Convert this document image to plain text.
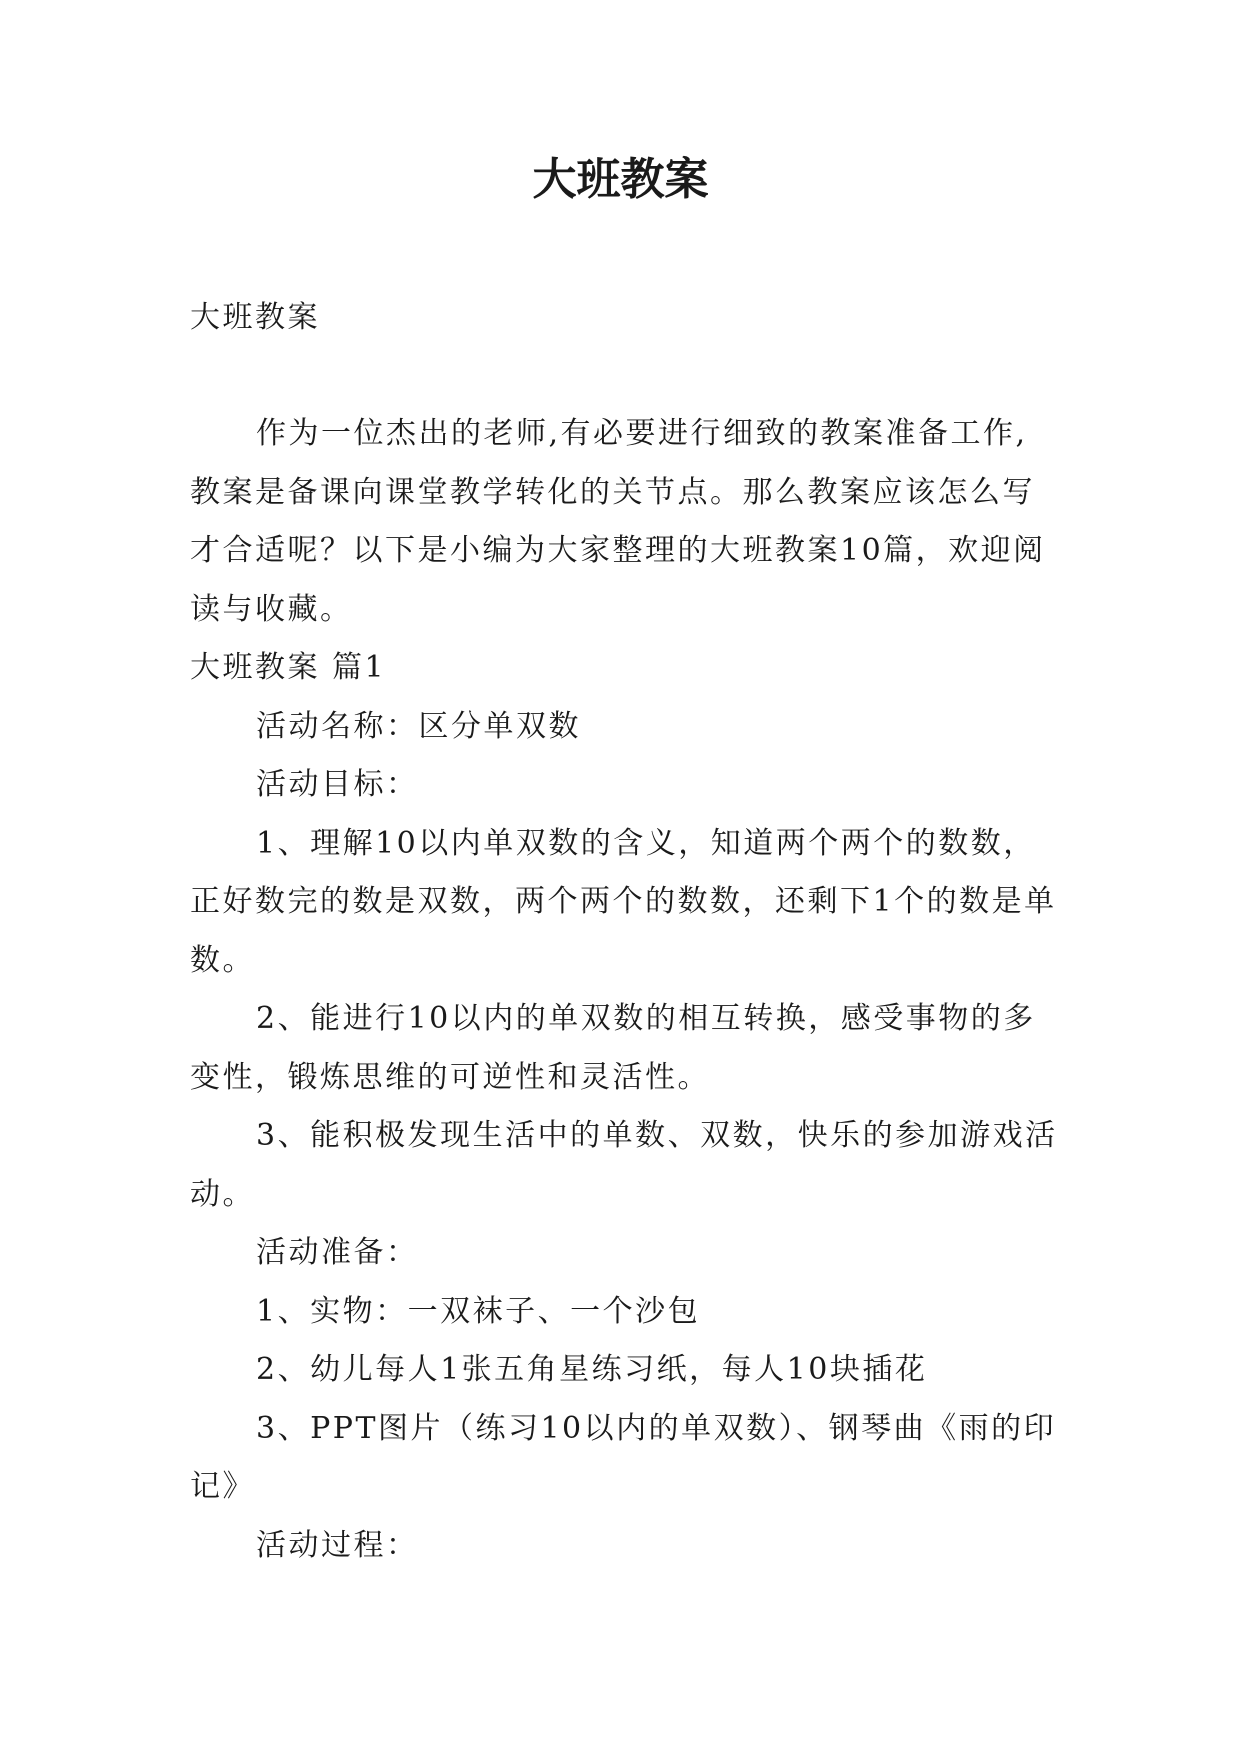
大班教案

大班教案

作为一位杰出的老师,有必要进行细致的教案准备工作,教案是备课向课堂教学转化的关节点。那么教案应该怎么写才合适呢？以下是小编为大家整理的大班教案10篇，欢迎阅读与收藏。

大班教案 篇1

活动名称：区分单双数

活动目标：

1、理解10以内单双数的含义，知道两个两个的数数，正好数完的数是双数，两个两个的数数，还剩下1个的数是单数。

2、能进行10以内的单双数的相互转换，感受事物的多变性，锻炼思维的可逆性和灵活性。

3、能积极发现生活中的单数、双数，快乐的参加游戏活动。

活动准备：

1、实物：一双袜子、一个沙包

2、幼儿每人1张五角星练习纸，每人10块插花

3、PPT图片（练习10以内的单双数）、钢琴曲《雨的印记》

活动过程：
